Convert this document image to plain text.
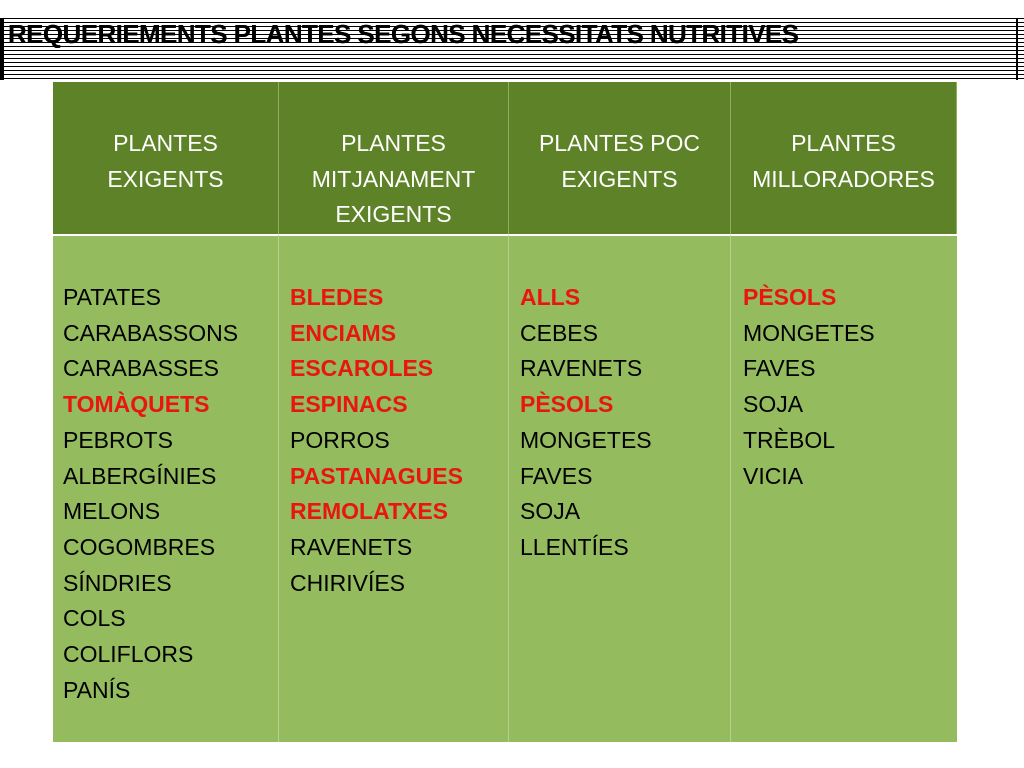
REQUERIEMENTS PLANTES SEGONS NECESSITATS NUTRITIVES
PLANTES
EXIGENTS
PLANTES
MITJANAMENT
EXIGENTS
PLANTES POC
EXIGENTS
PLANTES
MILLORADORES
PATATES
CARABASSONS
CARABASSES
TOMÀQUETS
PEBROTS
ALBERGÍNIES
MELONS
COGOMBRES
SÍNDRIES
COLS
COLIFLORS
PANÍS
BLEDES
ENCIAMS
ESCAROLES
ESPINACS
PORROS
PASTANAGUES
REMOLATXES
RAVENETS
CHIRIVÍES
ALLS
CEBES
RAVENETS
PÈSOLS
MONGETES
FAVES
SOJA
LLENTÍES
PÈSOLS
MONGETES
FAVES
SOJA
TRÈBOL
VICIA
